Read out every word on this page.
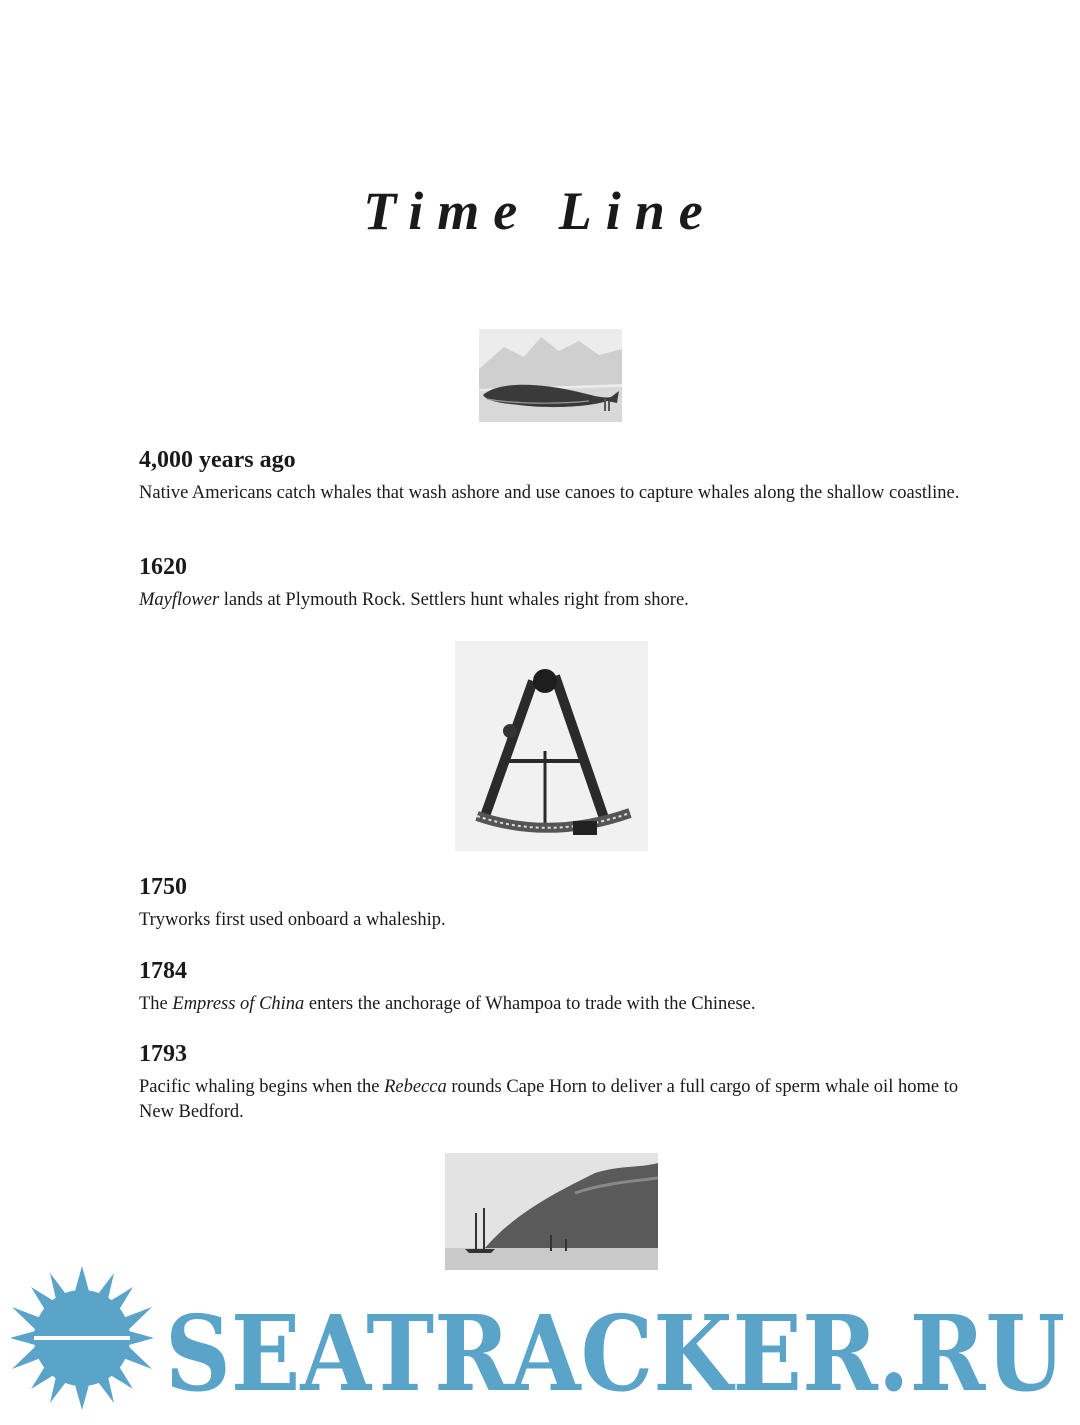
Time Line
4,000 years ago

Native Americans catch whales that wash ashore and use canoes to capture whales along the shallow coastline.

1620

Mayflower lands at Plymouth Rock. Settlers hunt whales right from shore.

1750

Tryworks first used onboard a whaleship.

1784

The Empress of China enters the anchorage of Whampoa to trade with the Chinese.

1793

Pacific whaling begins when the Rebecca rounds Cape Horn to deliver a full cargo of sperm whale oil home to New Bedford.

SEATRACKER.RU
